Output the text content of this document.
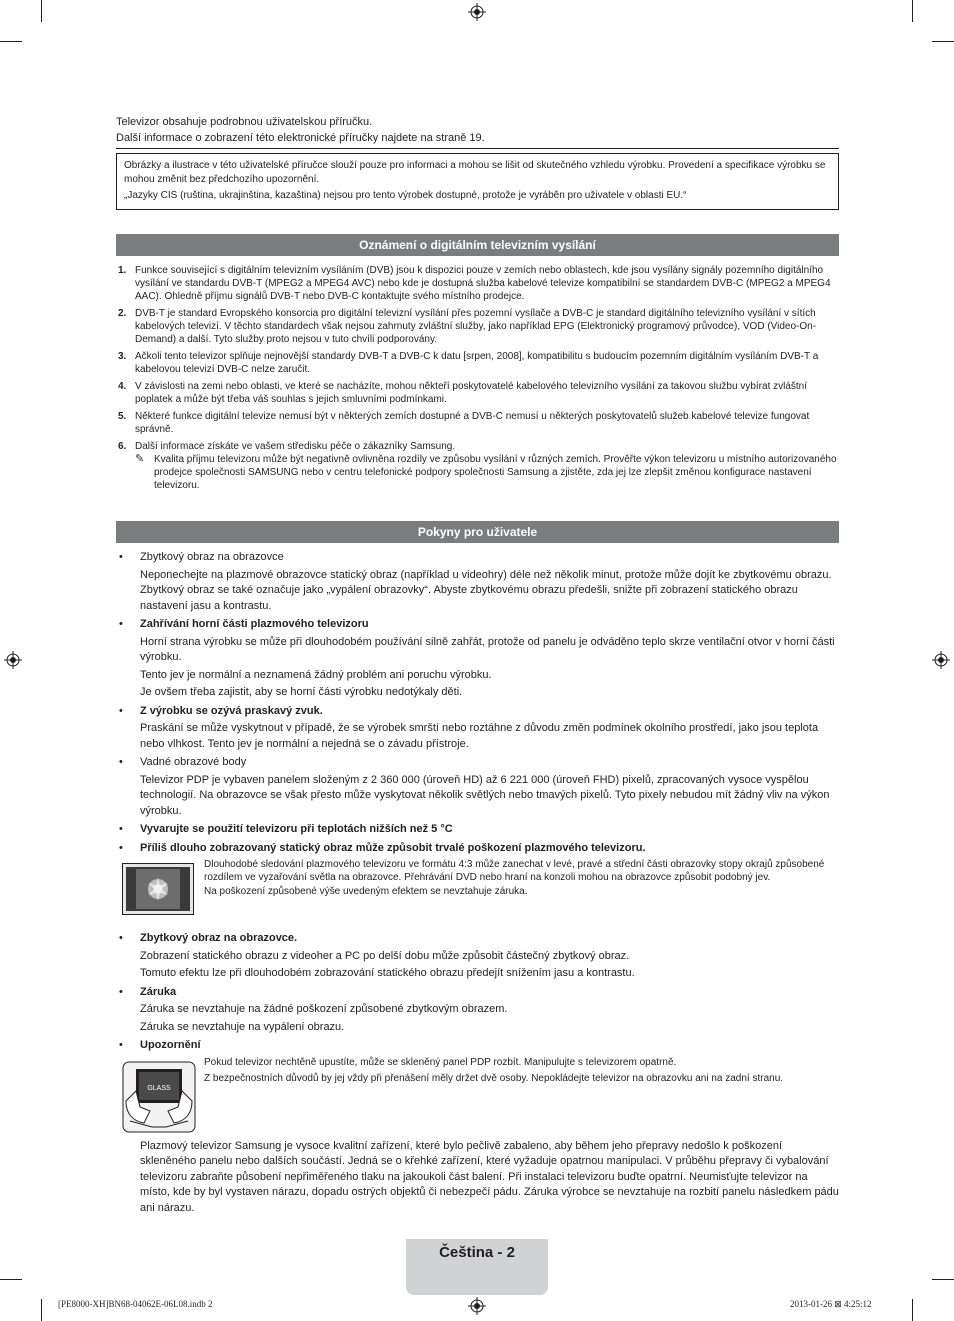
Televizor obsahuje podrobnou uživatelskou příručku.
Další informace o zobrazení této elektronické příručky najdete na straně 19.

Obrázky a ilustrace v této uživatelské příručce slouží pouze pro informaci a mohou se lišit od skutečného vzhledu výrobku. Provedení a specifikace výrobku se mohou změnit bez předchozího upozornění.

„Jazyky CIS (ruština, ukrajinština, kazaština) nejsou pro tento výrobek dostupné, protože je vyráběn pro uživatele v oblasti EU.“

Oznámení o digitálním televizním vysílání
1. Funkce související s digitálním televizním vysíláním (DVB) jsou k dispozici pouze v zemích nebo oblastech, kde jsou vysílány signály pozemního digitálního vysílání ve standardu DVB-T (MPEG2 a MPEG4 AVC) nebo kde je dostupná služba kabelové televize kompatibilní se standardem DVB-C (MPEG2 a MPEG4 AAC). Ohledně příjmu signálů DVB-T nebo DVB-C kontaktujte svého místního prodejce.
2. DVB-T je standard Evropského konsorcia pro digitální televizní vysílání přes pozemní vysílače a DVB-C je standard digitálního televizního vysílání v sítích kabelových televizí. V těchto standardech však nejsou zahrnuty zvláštní služby, jako například EPG (Elektronický programový průvodce), VOD (Video-On-Demand) a další. Tyto služby proto nejsou v tuto chvíli podporovány.
3. Ačkoli tento televizor splňuje nejnovější standardy DVB-T a DVB-C k datu [srpen, 2008], kompatibilitu s budoucím pozemním digitálním vysíláním DVB-T a kabelovou televizí DVB-C nelze zaručit.
4. V závislosti na zemi nebo oblasti, ve které se nacházíte, mohou někteří poskytovatelé kabelového televizního vysílání za takovou službu vybírat zvláštní poplatek a může být třeba váš souhlas s jejich smluvními podmínkami.
5. Některé funkce digitální televize nemusí být v některých zemích dostupné a DVB-C nemusí u některých poskytovatelů služeb kabelové televize fungovat správně.
6. Další informace získáte ve vašem středisku péče o zákazníky Samsung.
✎ Kvalita příjmu televizoru může být negativně ovlivněna rozdíly ve způsobu vysílání v různých zemích. Prověřte výkon televizoru u místního autorizovaného prodejce společnosti SAMSUNG nebo v centru telefonické podpory společnosti Samsung a zjistěte, zda jej lze zlepšit změnou konfigurace nastavení televizoru.
Pokyny pro uživatele
• Zbytkový obraz na obrazovce
Neponechejte na plazmové obrazovce statický obraz (například u videohry) déle než několik minut, protože může dojít ke zbytkovému obrazu. Zbytkový obraz se také označuje jako „vypálení obrazovky“. Abyste zbytkovému obrazu předešli, snižte při zobrazení statického obrazu nastavení jasu a kontrastu.
• Zahřívání horní části plazmového televizoru
Horní strana výrobku se může při dlouhodobém používání silně zahřát, protože od panelu je odváděno teplo skrze ventilační otvor v horní části výrobku.
Tento jev je normální a neznamená žádný problém ani poruchu výrobku.
Je ovšem třeba zajistit, aby se horní části výrobku nedotýkaly děti.
• Z výrobku se ozývá praskavý zvuk.
Praskání se může vyskytnout v případě, že se výrobek smrští nebo roztáhne z důvodu změn podmínek okolního prostředí, jako jsou teplota nebo vlhkost. Tento jev je normální a nejedná se o závadu přístroje.
• Vadné obrazové body
Televizor PDP je vybaven panelem složeným z 2 360 000 (úroveň HD) až 6 221 000 (úroveň FHD) pixelů, zpracovaných vysoce vyspělou technologií. Na obrazovce se však přesto může vyskytovat několik světlých nebo tmavých pixelů. Tyto pixely nebudou mít žádný vliv na výkon výrobku.
• Vyvarujte se použití televizoru při teplotách nižších než 5 °C
• Příliš dlouho zobrazovaný statický obraz může způsobit trvalé poškození plazmového televizoru.
Dlouhodobé sledování plazmového televizoru ve formátu 4:3 může zanechat v levé, pravé a střední části obrazovky stopy okrajů způsobené rozdílem ve vyzařování světla na obrazovce. Přehrávání DVD nebo hraní na konzoli mohou na obrazovce způsobit podobný jev.
Na poškození způsobené výše uvedeným efektem se nevztahuje záruka.
• Zbytkový obraz na obrazovce.
Zobrazení statického obrazu z videoher a PC po delší dobu může způsobit částečný zbytkový obraz.
Tomuto efektu lze při dlouhodobém zobrazování statického obrazu předejít snížením jasu a kontrastu.
• Záruka
Záruka se nevztahuje na žádné poškození způsobené zbytkovým obrazem.
Záruka se nevztahuje na vypálení obrazu.
• Upozornění
GLASS
Pokud televizor nechtěně upustíte, může se skleněný panel PDP rozbít. Manipulujte s televizorem opatrně.
Z bezpečnostních důvodů by jej vždy při přenášení měly držet dvě osoby. Nepokládejte televizor na obrazovku ani na zadní stranu.
Plazmový televizor Samsung je vysoce kvalitní zařízení, které bylo pečlivě zabaleno, aby během jeho přepravy nedošlo k poškození skleněného panelu nebo dalších součástí. Jedná se o křehké zařízení, které vyžaduje opatrnou manipulaci. V průběhu přepravy či vybalování televizoru zabraňte působení nepřiměřeného tlaku na jakoukoli část balení. Při instalaci televizoru buďte opatrní. Neumisťujte televizor na místo, kde by byl vystaven nárazu, dopadu ostrých objektů či nebezpečí pádu. Záruka výrobce se nevztahuje na rozbití panelu následkem pádu ani nárazu.
Čeština - 2
[PE8000-XH]BN68-04062E-06L08.indb 2	2013-01-26 ⊠ 4:25:12
